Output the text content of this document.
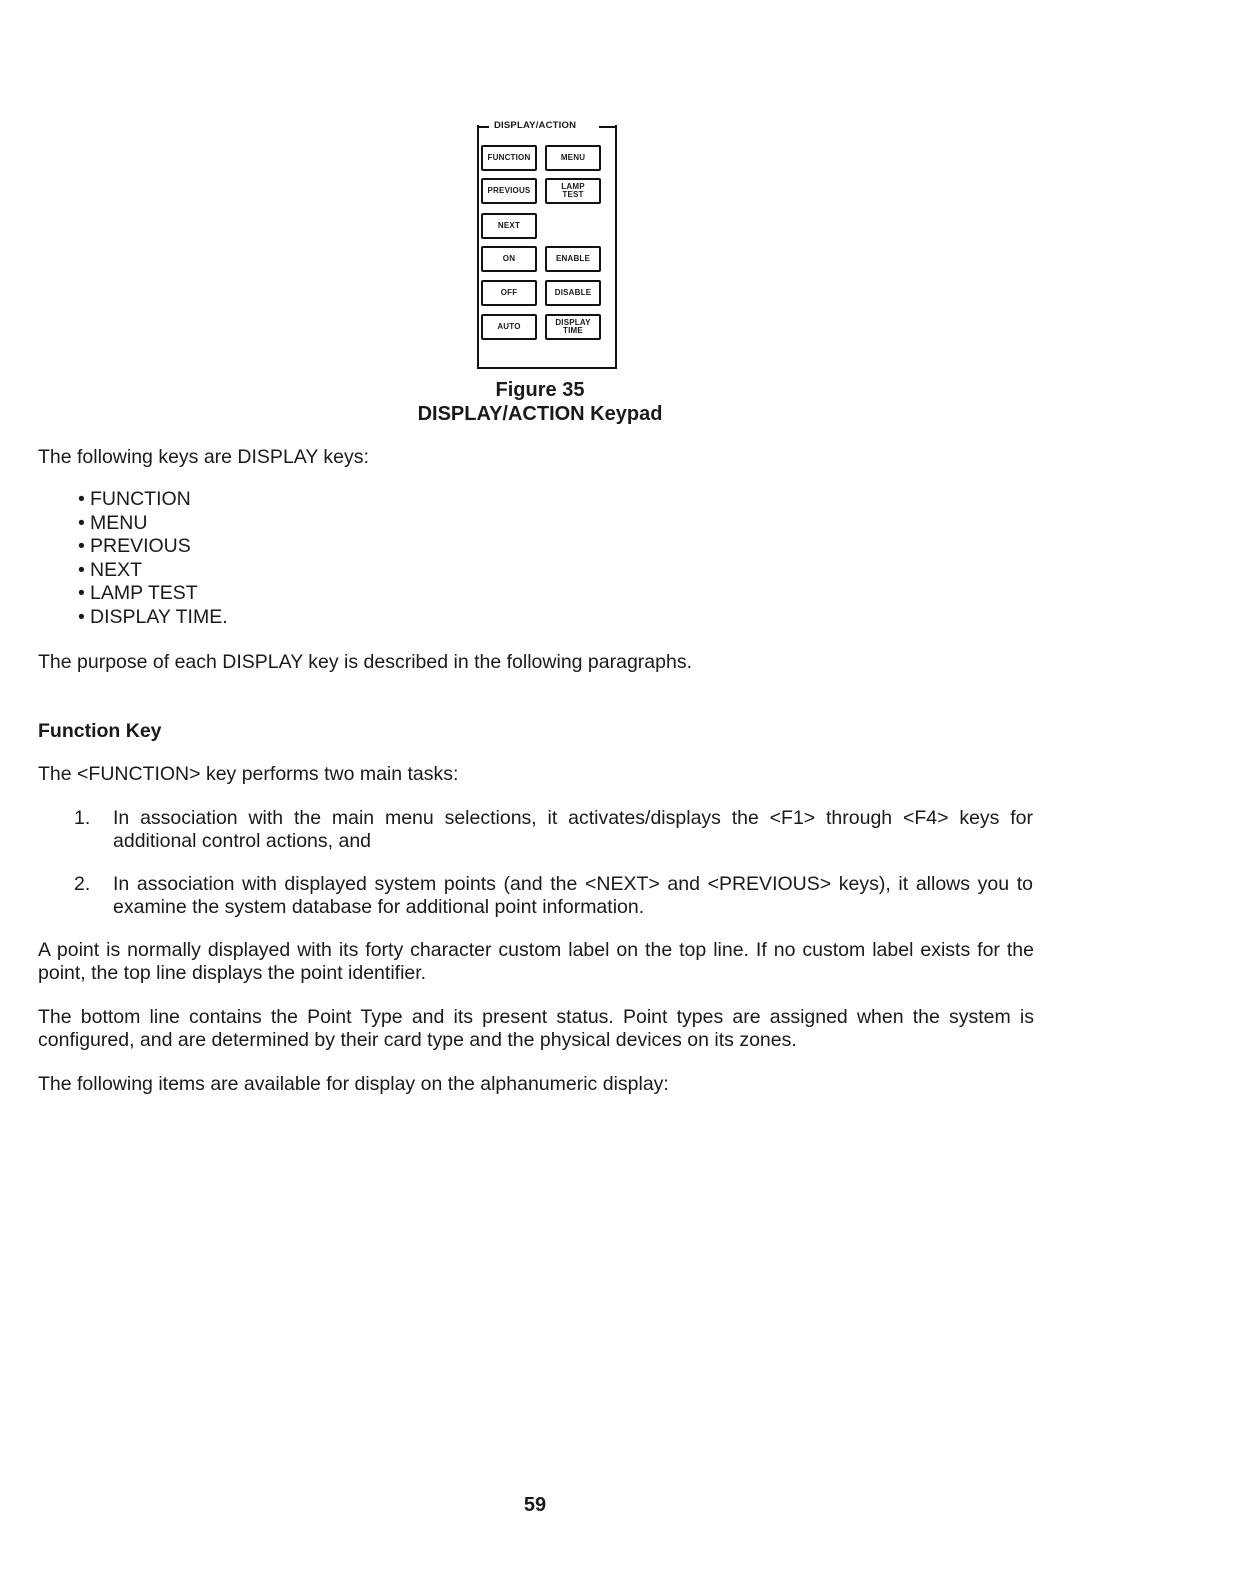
DISPLAY/ACTION
FUNCTION	MENU
PREVIOUS	LAMP
TEST
NEXT
ON	ENABLE
OFF	DISABLE
AUTO	DISPLAY
TIME
Figure 35
DISPLAY/ACTION Keypad
The following keys are DISPLAY keys:
• FUNCTION
• MENU
• PREVIOUS
• NEXT
• LAMP TEST
• DISPLAY TIME.
The purpose of each DISPLAY key is described in the following paragraphs.
Function Key
The <FUNCTION> key performs two main tasks:
1. In association with the main menu selections, it activates/displays the <F1> through <F4> keys for additional control actions, and
2. In association with displayed system points (and the <NEXT> and <PREVIOUS> keys), it allows you to examine the system database for additional point information.
A point is normally displayed with its forty character custom label on the top line. If no custom label exists for the point, the top line displays the point identifier.
The bottom line contains the Point Type and its present status. Point types are assigned when the system is configured, and are determined by their card type and the physical devices on its zones.
The following items are available for display on the alphanumeric display:
59
